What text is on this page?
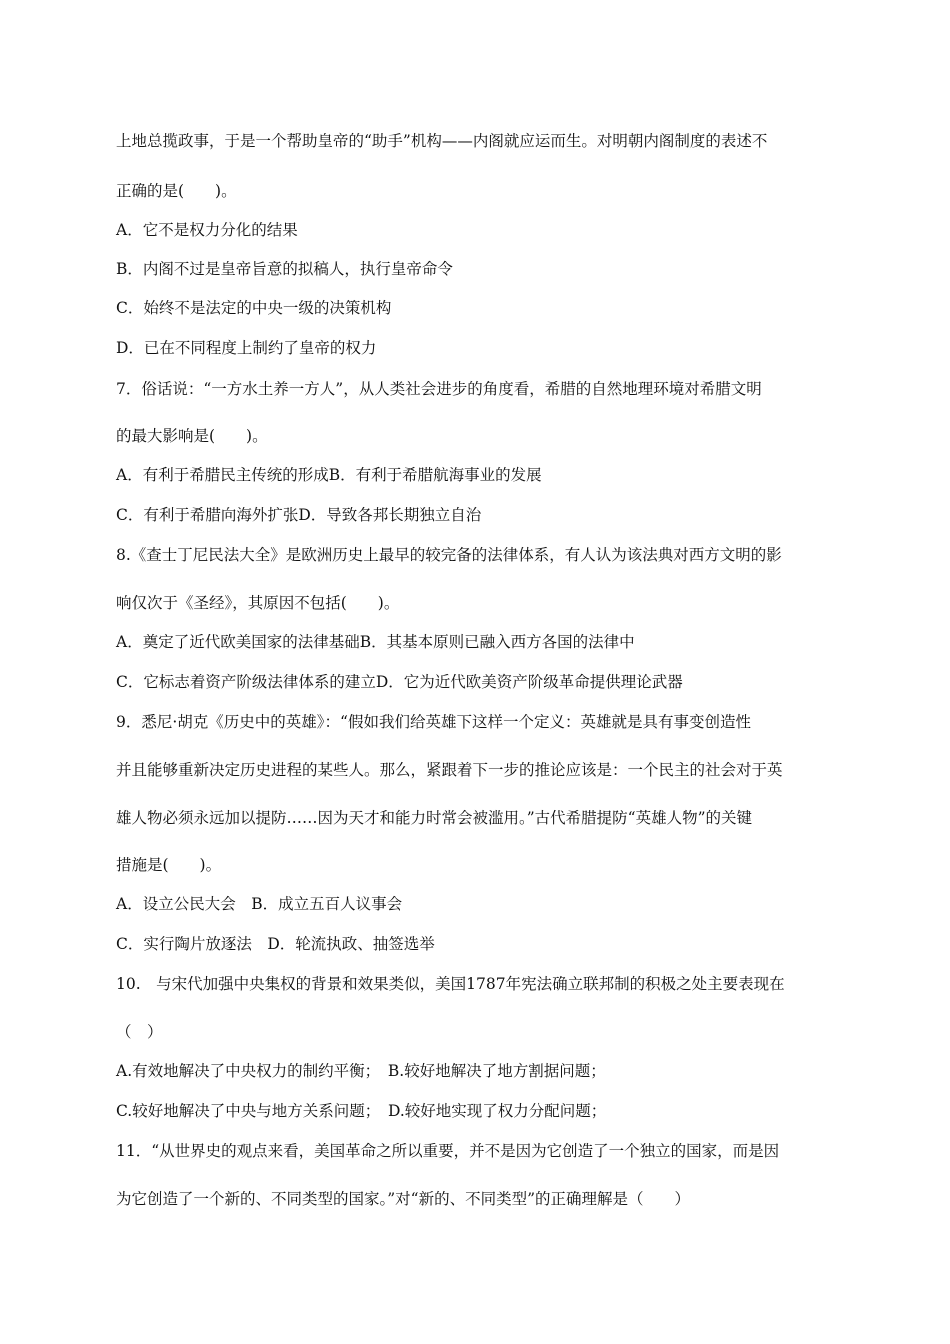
上地总揽政事，于是一个帮助皇帝的“助手”机构——内阁就应运而生。对明朝内阁制度的表述不
正确的是(　　)。
A．它不是权力分化的结果
B．内阁不过是皇帝旨意的拟稿人，执行皇帝命令
C．始终不是法定的中央一级的决策机构
D．已在不同程度上制约了皇帝的权力
7．俗话说：“一方水土养一方人”，从人类社会进步的角度看，希腊的自然地理环境对希腊文明
的最大影响是(　　)。
A．有利于希腊民主传统的形成B．有利于希腊航海事业的发展
C．有利于希腊向海外扩张D．导致各邦长期独立自治
8.《查士丁尼民法大全》是欧洲历史上最早的较完备的法律体系，有人认为该法典对西方文明的影
响仅次于《圣经》，其原因不包括(　　)。
A．奠定了近代欧美国家的法律基础B．其基本原则已融入西方各国的法律中
C．它标志着资产阶级法律体系的建立D．它为近代欧美资产阶级革命提供理论武器
9．悉尼·胡克《历史中的英雄》：“假如我们给英雄下这样一个定义：英雄就是具有事变创造性
并且能够重新决定历史进程的某些人。那么，紧跟着下一步的推论应该是：一个民主的社会对于英
雄人物必须永远加以提防……因为天才和能力时常会被滥用。”古代希腊提防“英雄人物”的关键
措施是(　　)。
A．设立公民大会　B．成立五百人议事会
C．实行陶片放逐法　D．轮流执政、抽签选举
10.　与宋代加强中央集权的背景和效果类似，美国1787年宪法确立联邦制的积极之处主要表现在
（　）
A.有效地解决了中央权力的制约平衡；　B.较好地解决了地方割据问题；
C.较好地解决了中央与地方关系问题；　D.较好地实现了权力分配问题；
11．“从世界史的观点来看，美国革命之所以重要，并不是因为它创造了一个独立的国家，而是因
为它创造了一个新的、不同类型的国家。”对“新的、不同类型”的正确理解是（　　）
